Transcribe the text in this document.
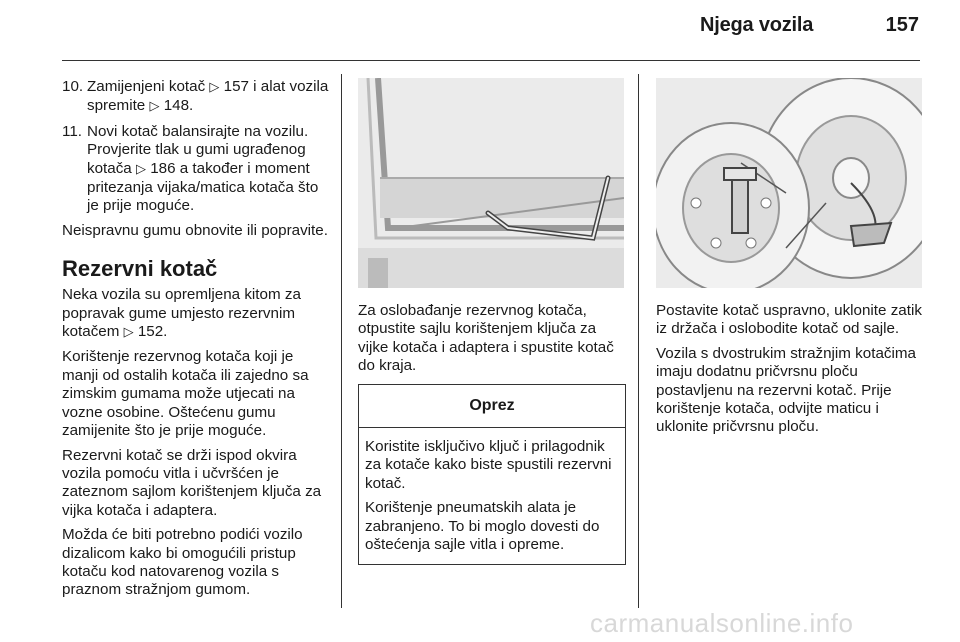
Njega vozila	157
10. Zamijenjeni kotač ▷ 157 i alat vozila spremite ▷ 148.
11. Novi kotač balansirajte na vozilu. Provjerite tlak u gumi ugrađenog kotača ▷ 186 a također i moment pritezanja vijaka/matica kotača što je prije moguće.

Neispravnu gumu obnovite ili popravite.

Rezervni kotač

Neka vozila su opremljena kitom za popravak gume umjesto rezervnim kotačem ▷ 152.

Korištenje rezervnog kotača koji je manji od ostalih kotača ili zajedno sa zimskim gumama može utjecati na vozne osobine. Oštećenu gumu zamijenite što je prije moguće.

Rezervni kotač se drži ispod okvira vozila pomoću vitla i učvršćen je zateznom sajlom korištenjem ključa za vijka kotača i adaptera.

Možda će biti potrebno podići vozilo dizalicom kako bi omogućili pristup kotaču kod natovarenog vozila s praznom stražnjom gumom.

Za oslobađanje rezervnog kotača, otpustite sajlu korištenjem ključa za vijke kotača i adaptera i spustite kotač do kraja.

Oprez

Koristite isključivo ključ i prilagodnik za kotače kako biste spustili rezervni kotač.

Korištenje pneumatskih alata je zabranjeno. To bi moglo dovesti do oštećenja sajle vitla i opreme.

Postavite kotač uspravno, uklonite zatik iz držača i oslobodite kotač od sajle.

Vozila s dvostrukim stražnjim kotačima imaju dodatnu pričvrsnu ploču postavljenu na rezervni kotač. Prije korištenje kotača, odvijte maticu i uklonite pričvrsnu ploču.

carmanualsonline.info
